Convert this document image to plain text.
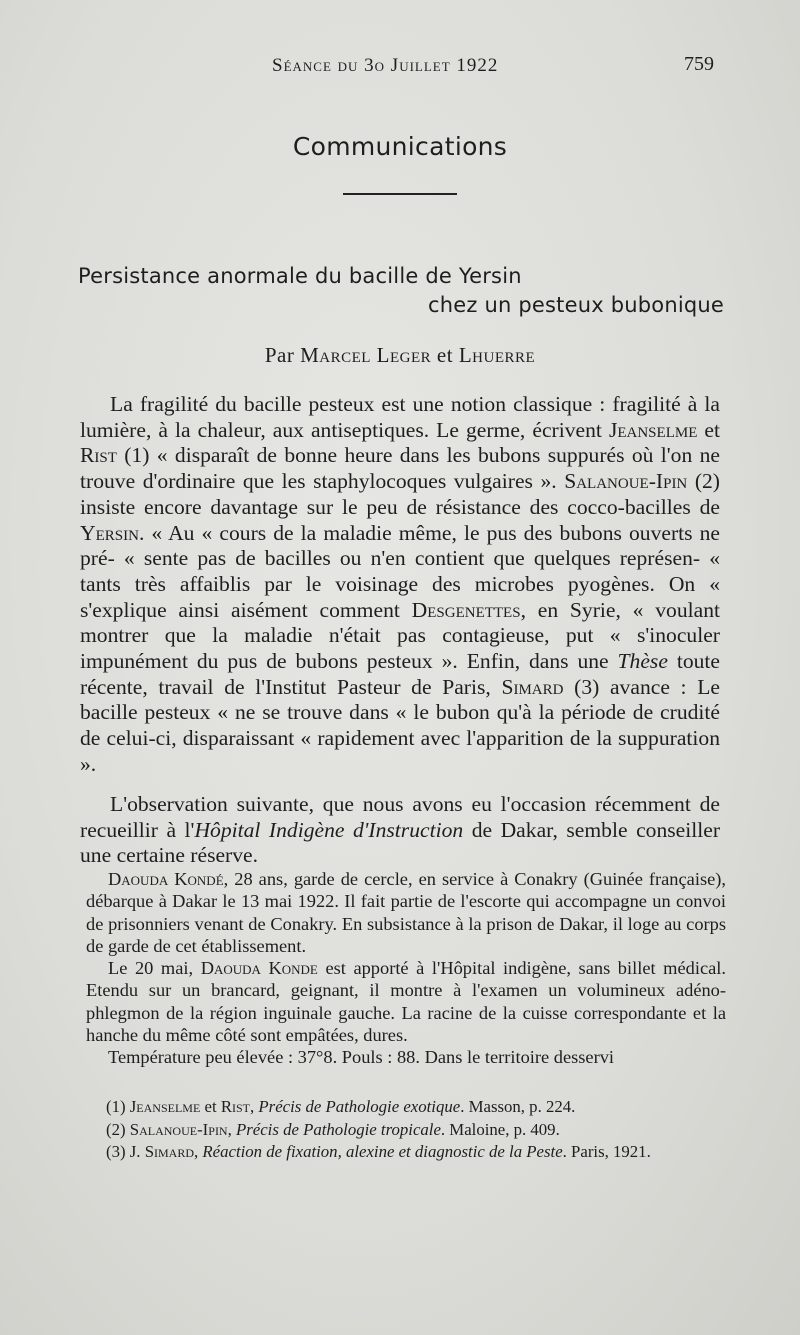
Séance du 3o Juillet 1922	759
Communications
Persistance anormale du bacille de Yersin
chez un pesteux bubonique
Par Marcel Leger et Lhuerre

La fragilité du bacille pesteux est une notion classique : fragilité à la lumière, à la chaleur, aux antiseptiques. Le germe, écrivent Jeanselme et Rist (1) « disparaît de bonne heure dans les bubons suppurés où l'on ne trouve d'ordinaire que les staphylocoques vulgaires ». Salanoue-Ipin (2) insiste encore davantage sur le peu de résistance des cocco-bacilles de Yersin. « Au « cours de la maladie même, le pus des bubons ouverts ne pré- « sente pas de bacilles ou n'en contient que quelques représen- « tants très affaiblis par le voisinage des microbes pyogènes. On « s'explique ainsi aisément comment Desgenettes, en Syrie, « voulant montrer que la maladie n'était pas contagieuse, put « s'inoculer impunément du pus de bubons pesteux ». Enfin, dans une Thèse toute récente, travail de l'Institut Pasteur de Paris, Simard (3) avance : Le bacille pesteux « ne se trouve dans « le bubon qu'à la période de crudité de celui-ci, disparaissant « rapidement avec l'apparition de la suppuration ».

L'observation suivante, que nous avons eu l'occasion récemment de recueillir à l'Hôpital Indigène d'Instruction de Dakar, semble conseiller une certaine réserve.

Daouda Kondé, 28 ans, garde de cercle, en service à Conakry (Guinée française), débarque à Dakar le 13 mai 1922. Il fait partie de l'escorte qui accompagne un convoi de prisonniers venant de Conakry. En subsistance à la prison de Dakar, il loge au corps de garde de cet établissement.

Le 20 mai, Daouda Konde est apporté à l'Hôpital indigène, sans billet médical. Etendu sur un brancard, geignant, il montre à l'examen un volumineux adéno-phlegmon de la région inguinale gauche. La racine de la cuisse correspondante et la hanche du même côté sont empâtées, dures.

Température peu élevée : 37°8. Pouls : 88. Dans le territoire desservi

(1) Jeanselme et Rist, Précis de Pathologie exotique. Masson, p. 224.
(2) Salanoue-Ipin, Précis de Pathologie tropicale. Maloine, p. 409.
(3) J. Simard, Réaction de fixation, alexine et diagnostic de la Peste. Paris, 1921.
